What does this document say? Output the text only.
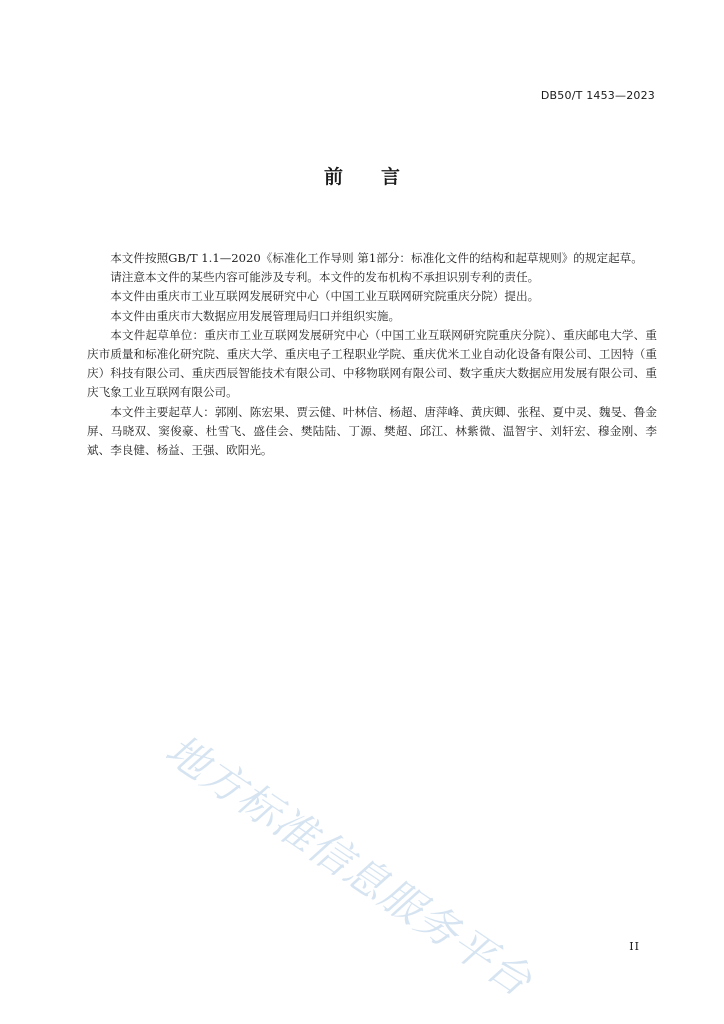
DB50/T 1453—2023
前 言

本文件按照GB/T 1.1—2020《标准化工作导则 第1部分：标准化文件的结构和起草规则》的规定起草。

请注意本文件的某些内容可能涉及专利。本文件的发布机构不承担识别专利的责任。

本文件由重庆市工业互联网发展研究中心（中国工业互联网研究院重庆分院）提出。

本文件由重庆市大数据应用发展管理局归口并组织实施。

本文件起草单位：重庆市工业互联网发展研究中心（中国工业互联网研究院重庆分院）、重庆邮电大学、重庆市质量和标准化研究院、重庆大学、重庆电子工程职业学院、重庆优米工业自动化设备有限公司、工因特（重庆）科技有限公司、重庆西辰智能技术有限公司、中移物联网有限公司、数字重庆大数据应用发展有限公司、重庆飞象工业互联网有限公司。

本文件主要起草人：郭刚、陈宏果、贾云健、叶林信、杨超、唐萍峰、黄庆卿、张程、夏中灵、魏旻、鲁金屏、马晓双、窦俊豪、杜雪飞、盛佳会、樊陆陆、丁源、樊超、邱江、林紫微、温智宇、刘轩宏、穆金刚、李斌、李良健、杨益、王强、欧阳光。

地方标准信息服务平台	II
